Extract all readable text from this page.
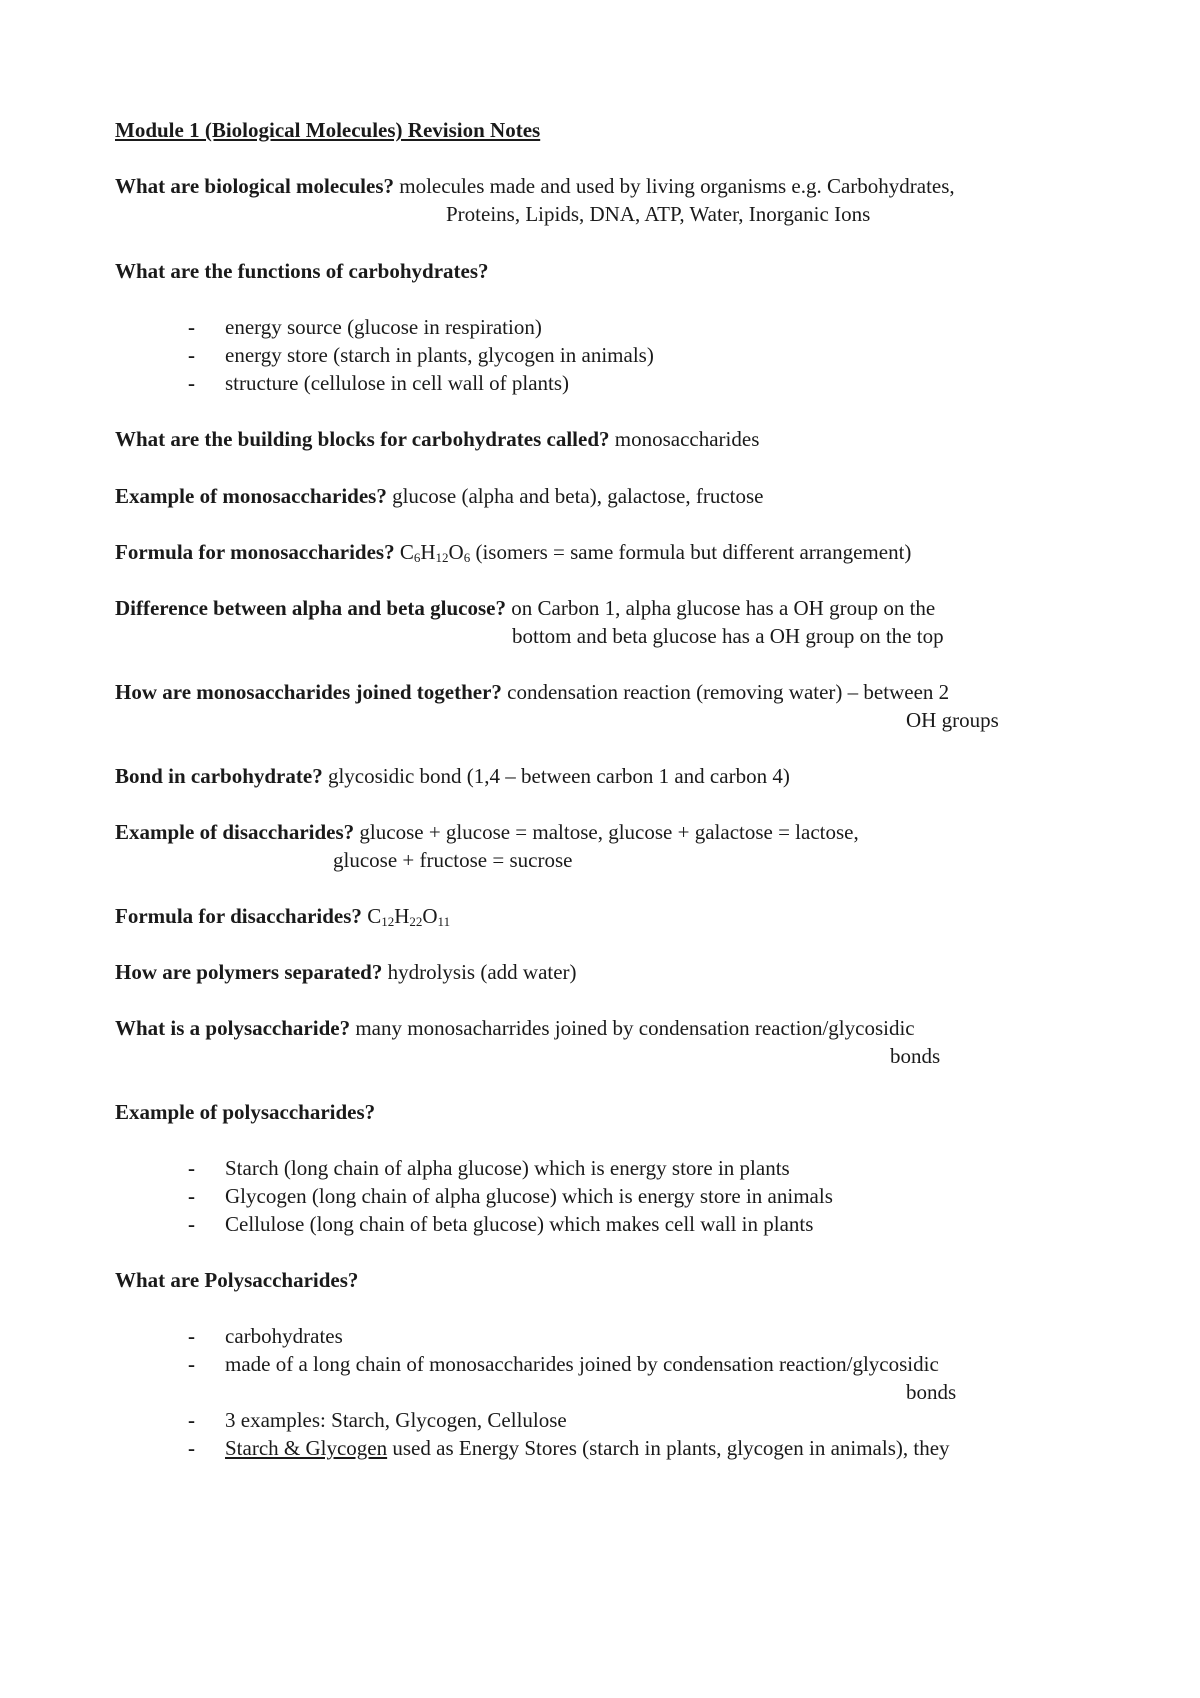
Module 1 (Biological Molecules) Revision Notes
What are biological molecules? molecules made and used by living organisms e.g. Carbohydrates,
Proteins, Lipids, DNA, ATP, Water, Inorganic Ions
What are the functions of carbohydrates?
- energy source (glucose in respiration)
- energy store (starch in plants, glycogen in animals)
- structure (cellulose in cell wall of plants)
What are the building blocks for carbohydrates called? monosaccharides
Example of monosaccharides? glucose (alpha and beta), galactose, fructose
Formula for monosaccharides? $C_6H_{12}O_6$ (isomers = same formula but different arrangement)
Difference between alpha and beta glucose? on Carbon 1, alpha glucose has a OH group on the
bottom and beta glucose has a OH group on the top
How are monosaccharides joined together? condensation reaction (removing water) – between 2
OH groups
Bond in carbohydrate? glycosidic bond (1,4 – between carbon 1 and carbon 4)
Example of disaccharides? glucose + glucose = maltose, glucose + galactose = lactose,
glucose + fructose = sucrose
Formula for disaccharides? $C_{12}H_{22}O_{11}$
How are polymers separated? hydrolysis (add water)
What is a polysaccharide? many monosacharrides joined by condensation reaction/glycosidic
bonds
Example of polysaccharides?
- Starch (long chain of alpha glucose) which is energy store in plants
- Glycogen (long chain of alpha glucose) which is energy store in animals
- Cellulose (long chain of beta glucose) which makes cell wall in plants
What are Polysaccharides?
- carbohydrates
- made of a long chain of monosaccharides joined by condensation reaction/glycosidic
bonds
- 3 examples: Starch, Glycogen, Cellulose
- Starch & Glycogen used as Energy Stores (starch in plants, glycogen in animals), they
